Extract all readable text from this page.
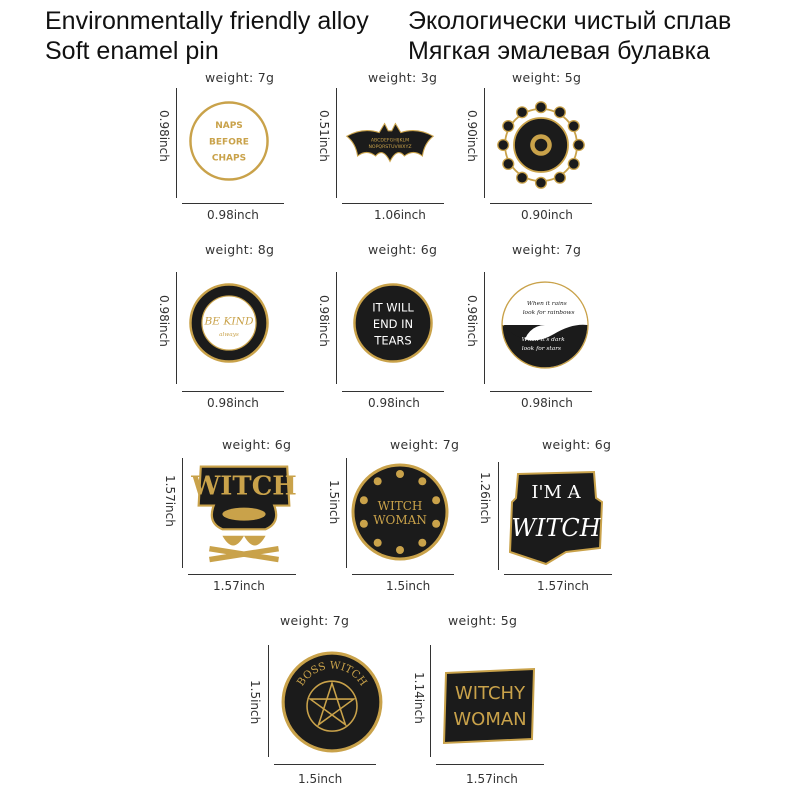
Environmentally friendly alloy
Soft enamel pin
Экологически чистый сплав
Мягкая эмалевая булавка
weight: 7g
0.98inch
0.98inch
NAPS
BEFORE
CHAPS
weight: 3g
0.51inch
1.06inch
ABCDEFGHIJKLM
NOPQRSTUVWXYZ
weight: 5g
0.90inch
0.90inch
weight: 8g
0.98inch
0.98inch
BE KIND
always
weight: 6g
0.98inch
0.98inch
IT WILL
END IN
TEARS
weight: 7g
0.98inch
0.98inch
When it rains
look for rainbows
When it's dark
look for stars
weight: 6g
1.57inch
1.57inch
WITCH
weight: 7g
1.5inch
1.5inch
WITCH
WOMAN
weight: 6g
1.26inch
1.57inch
I'M A
WITCH
weight: 7g
1.5inch
1.5inch
BOSS WITCH
weight: 5g
1.14inch
1.57inch
WITCHY
WOMAN
